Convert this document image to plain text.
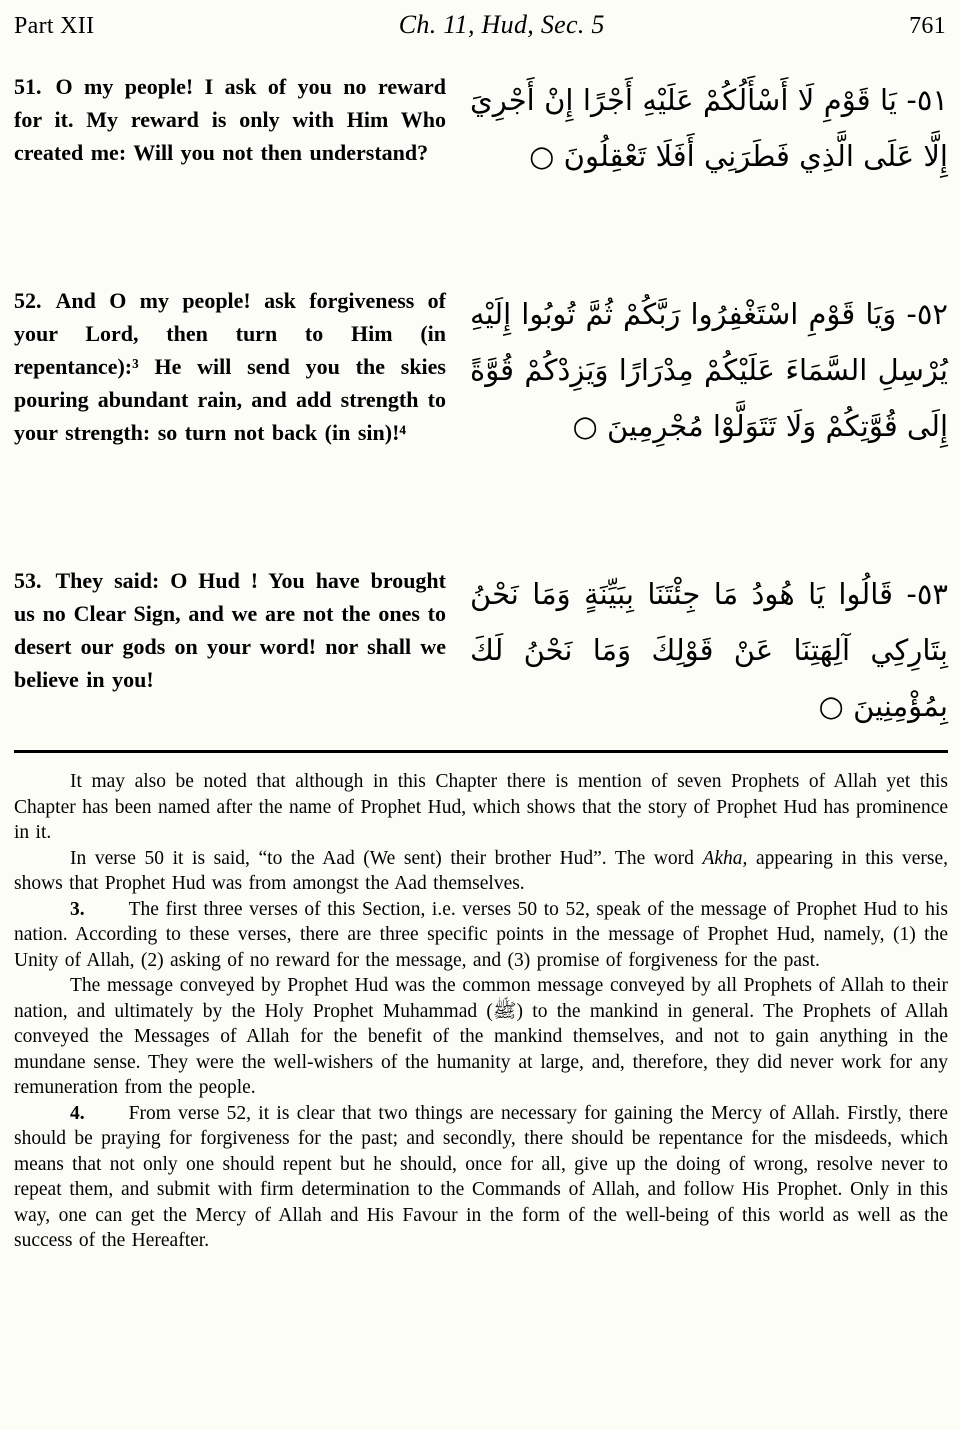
Part XII	Ch. 11, Hud, Sec. 5	761
51. O my people! I ask of you no reward for it. My reward is only with Him Who created me: Will you not then understand?
٥١- يَا قَوْمِ لَا أَسْأَلُكُمْ عَلَيْهِ أَجْرًا إِنْ أَجْرِيَ إِلَّا عَلَى الَّذِي فَطَرَنِي أَفَلَا تَعْقِلُونَ ○
52. And O my people! ask forgiveness of your Lord, then turn to Him (in repentance):³ He will send you the skies pouring abundant rain, and add strength to your strength: so turn not back (in sin)!⁴
٥٢- وَيَا قَوْمِ اسْتَغْفِرُوا رَبَّكُمْ ثُمَّ تُوبُوا إِلَيْهِ يُرْسِلِ السَّمَاءَ عَلَيْكُمْ مِدْرَارًا وَيَزِدْكُمْ قُوَّةً إِلَى قُوَّتِكُمْ وَلَا تَتَوَلَّوْا مُجْرِمِينَ ○
53. They said: O Hud ! You have brought us no Clear Sign, and we are not the ones to desert our gods on your word! nor shall we believe in you!
٥٣- قَالُوا يَا هُودُ مَا جِئْتَنَا بِبَيِّنَةٍ وَمَا نَحْنُ بِتَارِكِي آلِهَتِنَا عَنْ قَوْلِكَ وَمَا نَحْنُ لَكَ بِمُؤْمِنِينَ ○

It may also be noted that although in this Chapter there is mention of seven Prophets of Allah yet this Chapter has been named after the name of Prophet Hud, which shows that the story of Prophet Hud has prominence in it.

In verse 50 it is said, “to the Aad (We sent) their brother Hud”. The word Akha, appearing in this verse, shows that Prophet Hud was from amongst the Aad themselves.

3. The first three verses of this Section, i.e. verses 50 to 52, speak of the message of Prophet Hud to his nation. According to these verses, there are three specific points in the message of Prophet Hud, namely, (1) the Unity of Allah, (2) asking of no reward for the message, and (3) promise of forgiveness for the past.

The message conveyed by Prophet Hud was the common message conveyed by all Prophets of Allah to their nation, and ultimately by the Holy Prophet Muhammad (ﷺ) to the mankind in general. The Prophets of Allah conveyed the Messages of Allah for the benefit of the mankind themselves, and not to gain anything in the mundane sense. They were the well-wishers of the humanity at large, and, therefore, they did never work for any remuneration from the people.

4. From verse 52, it is clear that two things are necessary for gaining the Mercy of Allah. Firstly, there should be praying for forgiveness for the past; and secondly, there should be repentance for the misdeeds, which means that not only one should repent but he should, once for all, give up the doing of wrong, resolve never to repeat them, and submit with firm determination to the Commands of Allah, and follow His Prophet. Only in this way, one can get the Mercy of Allah and His Favour in the form of the well-being of this world as well as the success of the Hereafter.
